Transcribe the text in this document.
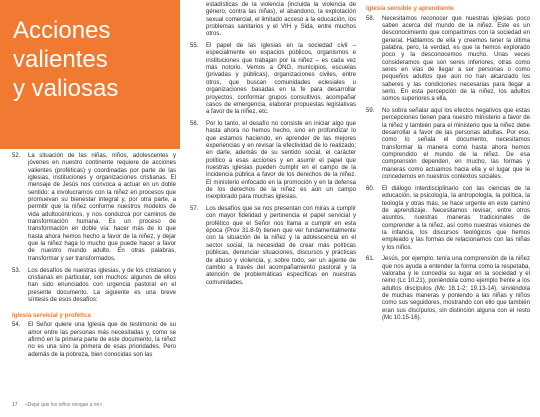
Acciones
valientes
y valiosas
52.	La situación de las niñas, niños, adolescentes y jóvenes en nuestro continente requiere de acciones valientes (proféticas) y coordinadas por parte de las iglesias, instituciones y organizaciones cristianas. El mensaje de Jesús nos convoca a actuar en un doble sentido: a involucrarnos con la niñez en procesos que promuevan su bienestar integral y, por otra parte, a permitir que la niñez conforme nuestros modelos de vida adultocéntricos, y nos conduzca por caminos de transformación humana. Es un proceso de transformación en doble vía: hacer más de lo que hasta ahora hemos hecho a favor de la niñez, y dejar que la niñez haga lo mucho que puede hacer a favor de nuestro mundo adulto. En otras palabras, transformar y ser transformados.

53.	Los desafíos de nuestras iglesias, y de los cristianos y cristianas en particular, son muchos: algunos de ellos han sido enunciados con urgencia pastoral en el presente documento. La siguiente es una breve síntesis de esos desafíos:

Iglesia servicial y profética
54.	El Señor quiere una Iglesia que de testimonio de su amor entre las personas más necesitadas y, como se afirmó en la primera parte de este documento, la niñez no es una sino la primera de esas prioridades. Pero además de la pobreza, bien conocidas son las

estadísticas de la violencia (incluida la violencia de género, contra las niñas), el abandono, la explotación sexual comercial, el limitado acceso a la educación, los problemas sanitarios y el VIH y Sida, entre muchos otros.

55.	El papel de las iglesias en la sociedad civil – especialmente en espacios públicos, organismos e instituciones que trabajan por la niñez – es cada vez más notorio. Vemos a ONG, municipios, escuelas (privadas y públicas), organizaciones civiles, entre otros, que buscan comunidades eclesiales u organizaciones basadas en la fe para desarrollar proyectos, conformar grupos consultivos, acompañar casos de emergencia, elaborar propuestas legislativas a favor de la niñez, etc.

56.	Por lo tanto, el desafío no consiste en iniciar algo que hasta ahora no hemos hecho, sino en profundizar lo que estamos haciendo, en aprender de las mejores experiencias y en revisar la efectividad de lo realizado; en darle, además de su sentido social, el carácter político a esas acciones y en asumir el papel que nuestras iglesias pueden cumplir en el campo de la incidencia pública a favor de los derechos de la niñez. El ministerio enfocado en la promoción y en la defensa de los derechos de la niñez es aún un campo inexplorado para muchas iglesias.

57.	Los desafíos que se nos presentan con miras a cumplir con mayor fidelidad y pertinencia el papel servicial y profético que el Señor nos llama a cumplir en esta época (Prov 31.8-9) tienen que ver fundamentalmente con la situación de la niñez y la adolescencia en el sector social, la necesidad de crear más políticas públicas, denunciar situaciones, discursos y prácticas de abuso y violencia, y, sobre todo, ser un agente de cambio a través del acompañamiento pastoral y la atención de problemáticas específicas en nuestras comunidades.

Iglesia sensible y aprendiente
58.	Necesitamos reconocer que nuestras iglesias poco saben acerca del mundo de la niñez. Este es un desconocimiento que compartimos con la sociedad en general. Hablamos de ella y creemos tener la última palabra, pero, la verdad, es que la hemos explorado poco y la desconocemos mucho. Unas veces consideramos que son seres inferiores, otras como seres en vías de llegar a ser personas o como pequeños adultos que aún no han alcanzado los saberes y las condiciones necesarias para llegar a serlo. En esta percepción de la niñez, los adultos somos superiores a ella.

59.	No sobra señalar aquí los efectos negativos que estas percepciones tienen para nuestro ministerio a favor de la niñez y también para el ministerio que la niñez debe desarrollar a favor de las personas adultas. Por eso, como lo señala el documento, necesitamos transformar la manera como hasta ahora hemos comprendido el mundo de la niñez. De esa comprensión dependen, en mucho, las formas y maneras como actuamos hacia ella y el lugar que le concedemos en nuestros contextos sociales.

60.	El diálogo interdisciplinario con las ciencias de la educación, la psicología, la antropología, la política, la teología y otras más, se hace urgente en este camino de aprendizaje. Necesitamos revisar, entre otros asuntos, nuestras maneras tradicionales de comprender a la niñez, así como nuestras visiones de la infancia, los discursos teológicos que hemos empleado y las formas de relacionarnos con las niñas y los niños.

61.	Jesús, por ejemplo, tenía una comprensión de la niñez que nos ayuda a entender la forma como la respetaba, valoraba y le concedía su lugar en la sociedad y el reino (Lc 10.21), poniéndola como ejemplo frente a los adultos discípulos (Mc 18.1-2; 19.13-14), sirviéndola de muchas maneras y poniendo a las niñas y niños como sus seguidores, mostrando con ello que también eran sus discípulos, sin distinción alguna con el resto (Mc 10.15-16).

17 «Dejar que los niños vengan a mí»
